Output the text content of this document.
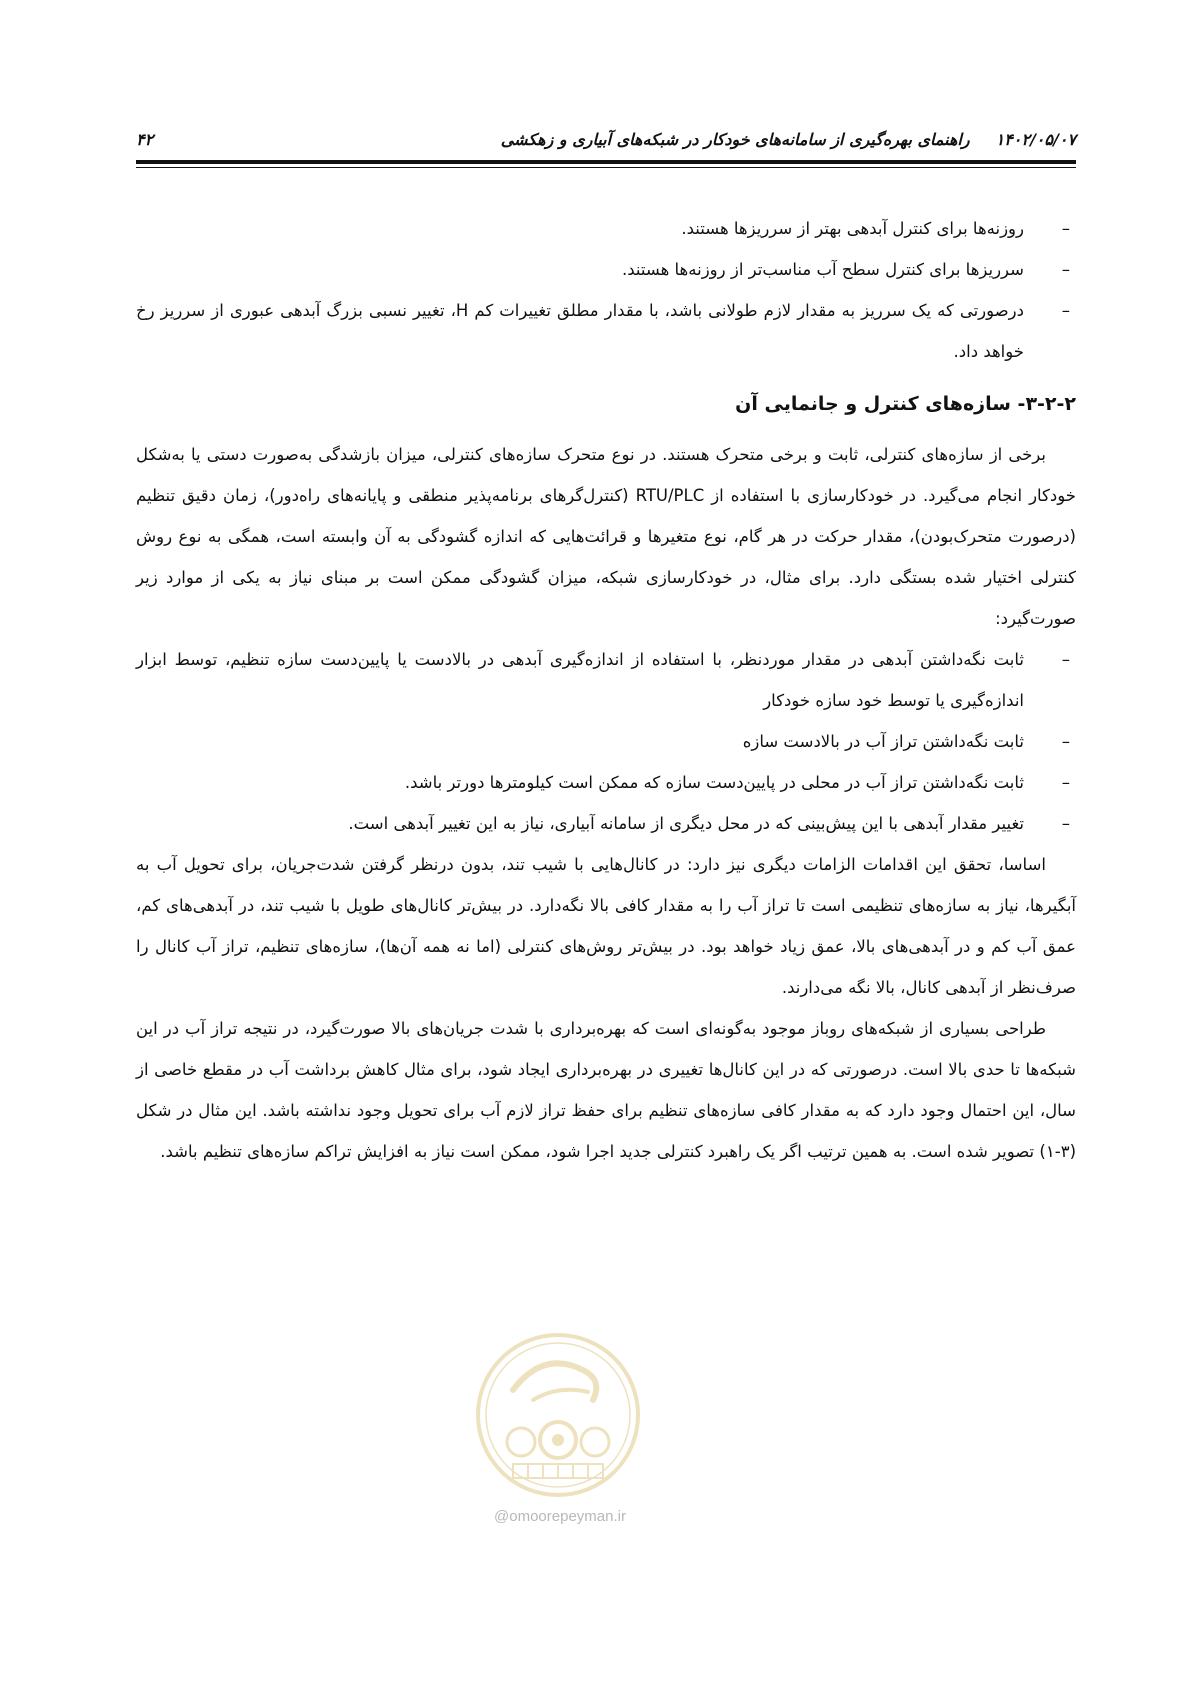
۱۴۰۲/۰۵/۰۷راهنمای بهره‌گیری از سامانه‌های خودکار در شبکه‌های آبیاری و زهکشی
۴۲

–
روزنه‌ها برای کنترل آبدهی بهتر از سرریزها هستند.

–
سرریزها برای کنترل سطح آب مناسب‌تر از روزنه‌ها هستند.

–
درصورتی که یک سرریز به مقدار لازم طولانی باشد، با مقدار مطلق تغییرات کم H، تغییر نسبی بزرگ آبدهی عبوری از سرریز رخ خواهد داد.

۳-۲-۲- سازه‌های کنترل و جانمایی آن

برخی از سازه‌های کنترلی، ثابت و برخی متحرک هستند. در نوع متحرک سازه‌های کنترلی، میزان بازشدگی به‌صورت دستی یا به‌شکل خودکار انجام می‌گیرد. در خودکارسازی با استفاده از RTU/PLC (کنترل‌گرهای برنامه‌پذیر منطقی و پایانه‌های راه‌دور)، زمان دقیق تنظیم (درصورت متحرک‌بودن)، مقدار حرکت در هر گام، نوع متغیرها و قرائت‌هایی که اندازه گشودگی به آن وابسته است، همگی به نوع روش کنترلی اختیار شده بستگی دارد. برای مثال، در خودکارسازی شبکه، میزان گشودگی ممکن است بر مبنای نیاز به یکی از موارد زیر صورت‌گیرد:

–
ثابت نگه‌داشتن آبدهی در مقدار موردنظر، با استفاده از اندازه‌گیری آبدهی در بالادست یا پایین‌دست سازه تنظیم، توسط ابزار اندازه‌گیری یا توسط خود سازه خودکار

–
ثابت نگه‌داشتن تراز آب در بالادست سازه

–
ثابت نگه‌داشتن تراز آب در محلی در پایین‌دست سازه که ممکن است کیلومترها دورتر باشد.

–
تغییر مقدار آبدهی با این پیش‌بینی که در محل دیگری از سامانه آبیاری، نیاز به این تغییر آبدهی است.

اساسا، تحقق این اقدامات الزامات دیگری نیز دارد: در کانال‌هایی با شیب تند، بدون درنظر گرفتن شدت‌جریان، برای تحویل آب به آبگیرها، نیاز به سازه‌های تنظیمی است تا تراز آب را به مقدار کافی بالا نگه‌دارد. در بیش‌تر کانال‌های طویل با شیب تند، در آبدهی‌های کم، عمق آب کم و در آبدهی‌های بالا، عمق زیاد خواهد بود. در بیش‌تر روش‌های کنترلی (اما نه همه آن‌ها)، سازه‌های تنظیم، تراز آب کانال را صرف‌نظر از آبدهی کانال، بالا نگه می‌دارند.

طراحی بسیاری از شبکه‌های روباز موجود به‌گونه‌ای است که بهره‌برداری با شدت جریان‌های بالا صورت‌گیرد، در نتیجه تراز آب در این شبکه‌ها تا حدی بالا است. درصورتی که در این کانال‌ها تغییری در بهره‌برداری ایجاد شود، برای مثال کاهش برداشت آب در مقطع خاصی از سال، این احتمال وجود دارد که به مقدار کافی سازه‌های تنظیم برای حفظ تراز لازم آب برای تحویل وجود نداشته باشد. این مثال در شکل (۳-۱) تصویر شده است. به همین ترتیب اگر یک راهبرد کنترلی جدید اجرا شود، ممکن است نیاز به افزایش تراکم سازه‌های تنظیم باشد.

@omoorepeyman.ir
